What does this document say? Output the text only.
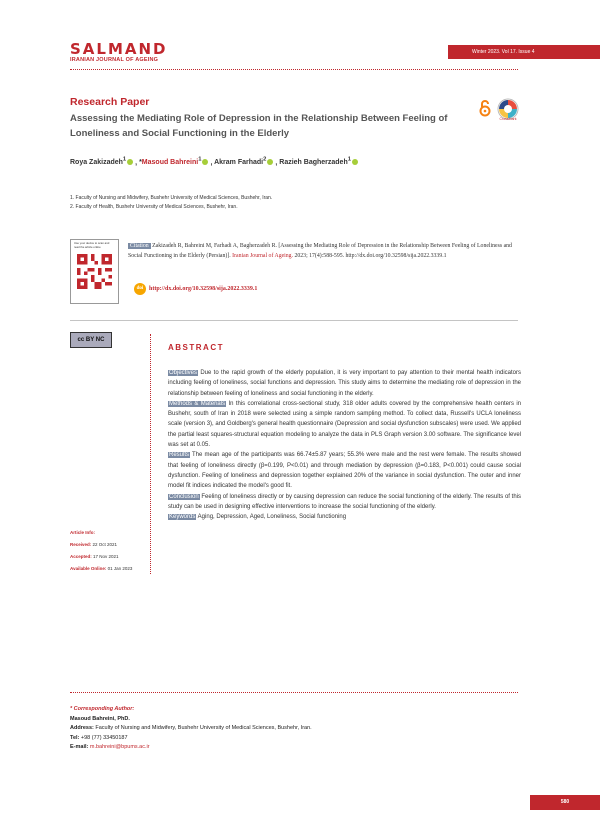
SALMAND
IRANIAN JOURNAL OF AGEING
Winter 2023. Vol 17. Issue 4
Research Paper
Assessing the Mediating Role of Depression in the Relationship Between Feeling of Loneliness and Social Functioning in the Elderly
CrossMark
Roya Zakizadeh$^1$ , *Masoud Bahreini$^1$ , Akram Farhadi$^2$ , Razieh Bagherzadeh$^1$
1. Faculty of Nursing and Midwifery, Bushehr University of Medical Sciences, Bushehr, Iran.
2. Faculty of Health, Bushehr University of Medical Sciences, Bushehr, Iran.
Use your device to scan and read the article online	Citation Zakizadeh R, Bahreini M, Farhadi A, Bagherzadeh R. [Assessing the Mediating Role of Depression in the Relationship Between Feeling of Loneliness and Social Functioning in the Elderly (Persian)]. Iranian Journal of Ageing. 2023; 17(4):588-595. http://dx.doi.org/10.32598/sija.2022.3339.1
doi http://dx.doi.org/10.32598/sija.2022.3339.1
cc BY NC
ABSTRACT
Objectives Due to the rapid growth of the elderly population, it is very important to pay attention to their mental health indicators including feeling of loneliness, social functions and depression. This study aims to determine the mediating role of depression in the relationship between feeling of loneliness and social functioning in the elderly.
Methods & Materials In this correlational cross-sectional study, 318 older adults covered by the comprehensive health centers in Bushehr, south of Iran in 2018 were selected using a simple random sampling method. To collect data, Russell's UCLA loneliness scale (version 3), and Goldberg's general health questionnaire (Depression and social dysfunction subscales) were used. We applied the partial least squares-structural equation modeling to analyze the data in PLS Graph version 3.00 software. The significance level was set at 0.05.
Results The mean age of the participants was 66.74±5.87 years; 55.3% were male and the rest were female. The results showed that feeling of loneliness directly (β=0.199, P<0.01) and through mediation by depression (β=0.183, P<0.001) could cause social dysfunction. Feeling of loneliness and depression together explained 20% of the variance in social dysfunction. The outer and inner model fit indices indicated the model's good fit.
Conclusion Feeling of loneliness directly or by causing depression can reduce the social functioning of the elderly. The results of this study can be used in designing effective interventions to increase the social functioning of the elderly.
Keywords Aging, Depression, Aged, Loneliness, Social functioning
Article Info:
Received: 22 Oct 2021
Accepted: 17 Nov 2021
Available Online: 01 Jan 2023
* Corresponding Author:
Masoud Bahreini, PhD.
Address: Faculty of Nursing and Midwifery, Bushehr University of Medical Sciences, Bushehr, Iran.
Tel: +98 (77) 33450187
E-mail: m.bahreini@bpums.ac.ir
580
